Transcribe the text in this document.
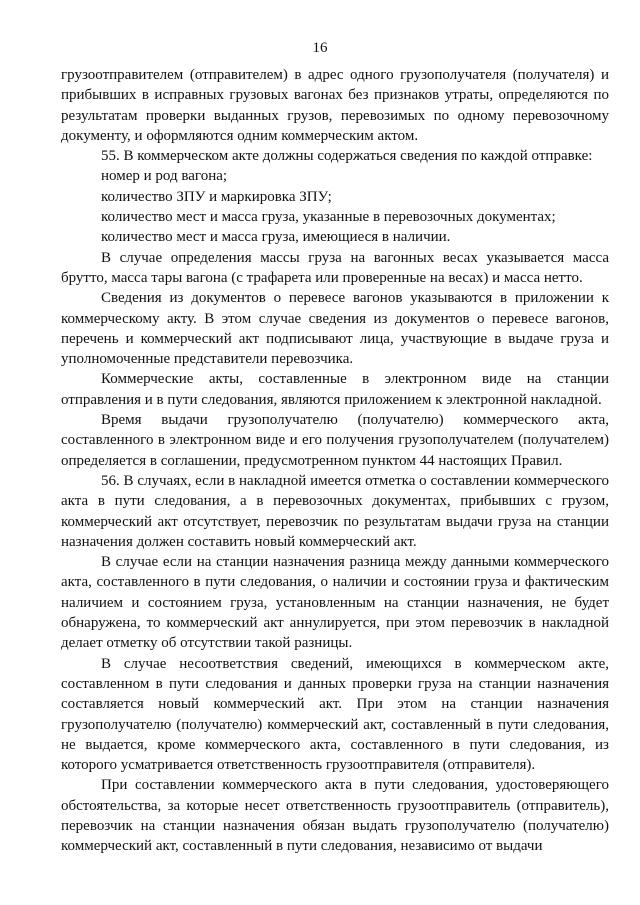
16

грузоотправителем (отправителем) в адрес одного грузополучателя (получателя) и прибывших в исправных грузовых вагонах без признаков утраты, определяются по результатам проверки выданных грузов, перевозимых по одному перевозочному документу, и оформляются одним коммерческим актом.

55. В коммерческом акте должны содержаться сведения по каждой отправке:

номер и род вагона;

количество ЗПУ и маркировка ЗПУ;

количество мест и масса груза, указанные в перевозочных документах;

количество мест и масса груза, имеющиеся в наличии.

В случае определения массы груза на вагонных весах указывается масса брутто, масса тары вагона (с трафарета или проверенные на весах) и масса нетто.

Сведения из документов о перевесе вагонов указываются в приложении к коммерческому акту. В этом случае сведения из документов о перевесе вагонов, перечень и коммерческий акт подписывают лица, участвующие в выдаче груза и уполномоченные представители перевозчика.

Коммерческие акты, составленные в электронном виде на станции отправления и в пути следования, являются приложением к электронной накладной.

Время выдачи грузополучателю (получателю) коммерческого акта, составленного в электронном виде и его получения грузополучателем (получателем) определяется в соглашении, предусмотренном пунктом 44 настоящих Правил.

56. В случаях, если в накладной имеется отметка о составлении коммерческого акта в пути следования, а в перевозочных документах, прибывших с грузом, коммерческий акт отсутствует, перевозчик по результатам выдачи груза на станции назначения должен составить новый коммерческий акт.

В случае если на станции назначения разница между данными коммерческого акта, составленного в пути следования, о наличии и состоянии груза и фактическим наличием и состоянием груза, установленным на станции назначения, не будет обнаружена, то коммерческий акт аннулируется, при этом перевозчик в накладной делает отметку об отсутствии такой разницы.

В случае несоответствия сведений, имеющихся в коммерческом акте, составленном в пути следования и данных проверки груза на станции назначения составляется новый коммерческий акт. При этом на станции назначения грузополучателю (получателю) коммерческий акт, составленный в пути следования, не выдается, кроме коммерческого акта, составленного в пути следования, из которого усматривается ответственность грузоотправителя (отправителя).

При составлении коммерческого акта в пути следования, удостоверяющего обстоятельства, за которые несет ответственность грузоотправитель (отправитель), перевозчик на станции назначения обязан выдать грузополучателю (получателю) коммерческий акт, составленный в пути следования, независимо от выдачи
